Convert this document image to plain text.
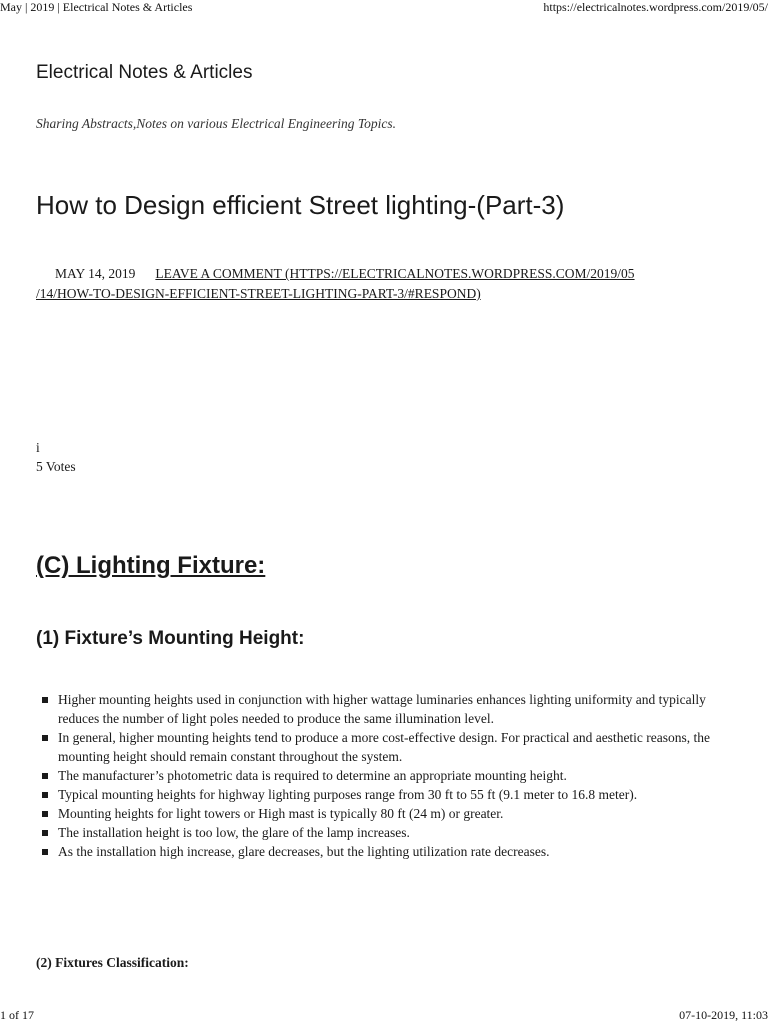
May | 2019 | Electrical Notes & Articles	https://electricalnotes.wordpress.com/2019/05/
Electrical Notes & Articles
Sharing Abstracts,Notes on various Electrical Engineering Topics.
How to Design efficient Street lighting-(Part-3)
MAY 14, 2019 LEAVE A COMMENT (HTTPS://ELECTRICALNOTES.WORDPRESS.COM/2019/05
/14/HOW-TO-DESIGN-EFFICIENT-STREET-LIGHTING-PART-3/#RESPOND)
i
5 Votes
(C) Lighting Fixture:
(1) Fixture’s Mounting Height:
Higher mounting heights used in conjunction with higher wattage luminaries enhances lighting uniformity and typically reduces the number of light poles needed to produce the same illumination level.
In general, higher mounting heights tend to produce a more cost-effective design. For practical and aesthetic reasons, the mounting height should remain constant throughout the system.
The manufacturer’s photometric data is required to determine an appropriate mounting height.
Typical mounting heights for highway lighting purposes range from 30 ft to 55 ft (9.1 meter to 16.8 meter).
Mounting heights for light towers or High mast is typically 80 ft (24 m) or greater.
The installation height is too low, the glare of the lamp increases.
As the installation high increase, glare decreases, but the lighting utilization rate decreases.
(2) Fixtures Classification:
1 of 17	07-10-2019, 11:03
